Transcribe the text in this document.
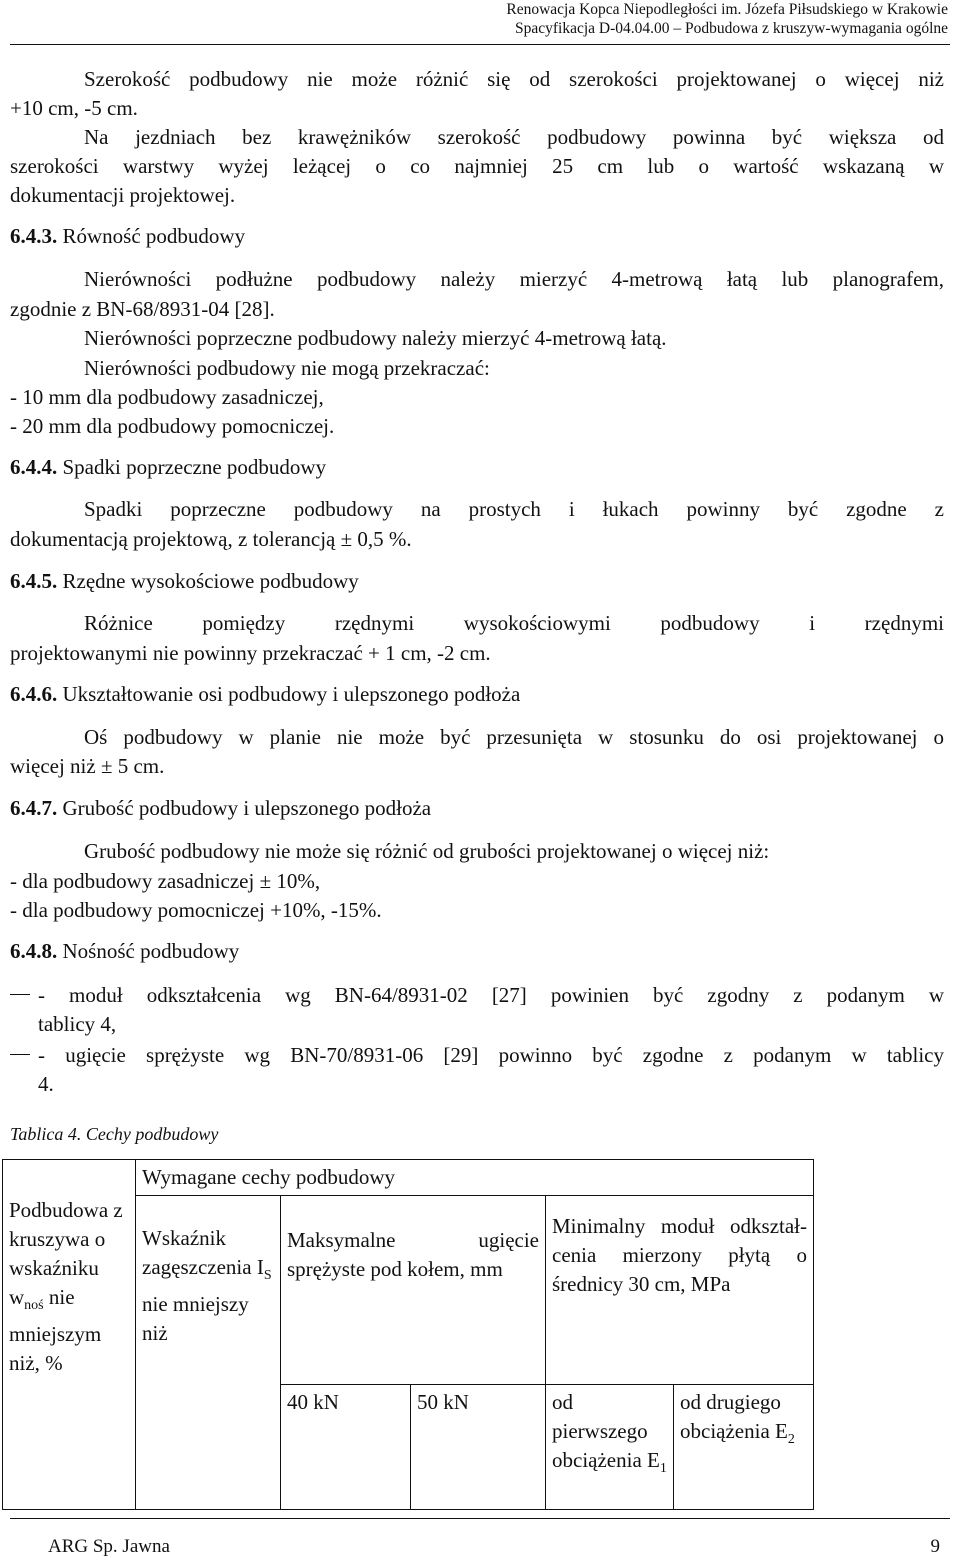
Renowacja Kopca Niepodległości im. Józefa Piłsudskiego w Krakowie
Spacyfikacja D-04.04.00 – Podbudowa z kruszyw-wymagania ogólne
Szerokość podbudowy nie może różnić się od szerokości projektowanej o więcej niż
+10 cm, -5 cm.
Na jezdniach bez krawężników szerokość podbudowy powinna być większa od
szerokości warstwy wyżej leżącej o co najmniej 25 cm lub o wartość wskazaną w
dokumentacji projektowej.
6.4.3. Równość podbudowy
Nierówności podłużne podbudowy należy mierzyć 4-metrową łatą lub planografem,
zgodnie z BN-68/8931-04 [28].
Nierówności poprzeczne podbudowy należy mierzyć 4-metrową łatą.
Nierówności podbudowy nie mogą przekraczać:
- 10 mm dla podbudowy zasadniczej,
- 20 mm dla podbudowy pomocniczej.
6.4.4. Spadki poprzeczne podbudowy
Spadki poprzeczne podbudowy na prostych i łukach powinny być zgodne z
dokumentacją projektową, z tolerancją ± 0,5 %.
6.4.5. Rzędne wysokościowe podbudowy
Różnice pomiędzy rzędnymi wysokościowymi podbudowy i rzędnymi
projektowanymi nie powinny przekraczać + 1 cm, -2 cm.
6.4.6. Ukształtowanie osi podbudowy i ulepszonego podłoża
Oś podbudowy w planie nie może być przesunięta w stosunku do osi projektowanej o
więcej niż ± 5 cm.
6.4.7. Grubość podbudowy i ulepszonego podłoża
Grubość podbudowy nie może się różnić od grubości projektowanej o więcej niż:
- dla podbudowy zasadniczej ± 10%,
- dla podbudowy pomocniczej +10%, -15%.
6.4.8. Nośność podbudowy
- moduł odkształcenia wg BN-64/8931-02 [27] powinien być zgodny z podanym w
tablicy 4,
- ugięcie sprężyste wg BN-70/8931-06 [29] powinno być zgodne z podanym w tablicy
4.
Tablica 4. Cechy podbudowy
Podbudowa z kruszywa o wskaźniku $w_{noś}$ nie mniejszym niż, %	Wymagane cechy podbudowy				
	Wskaźnik zagęszczenia $I_S$ nie mniejszy niż	Maksymalne ugięcie sprężyste pod kołem, mm		Minimalny moduł odkształ-cenia mierzony płytą o średnicy 30 cm, MPa	
		40 kN	50 kN	od pierwszego obciążenia $E_1$	od drugiego obciążenia $E_2$
ARG Sp. Jawna	9
